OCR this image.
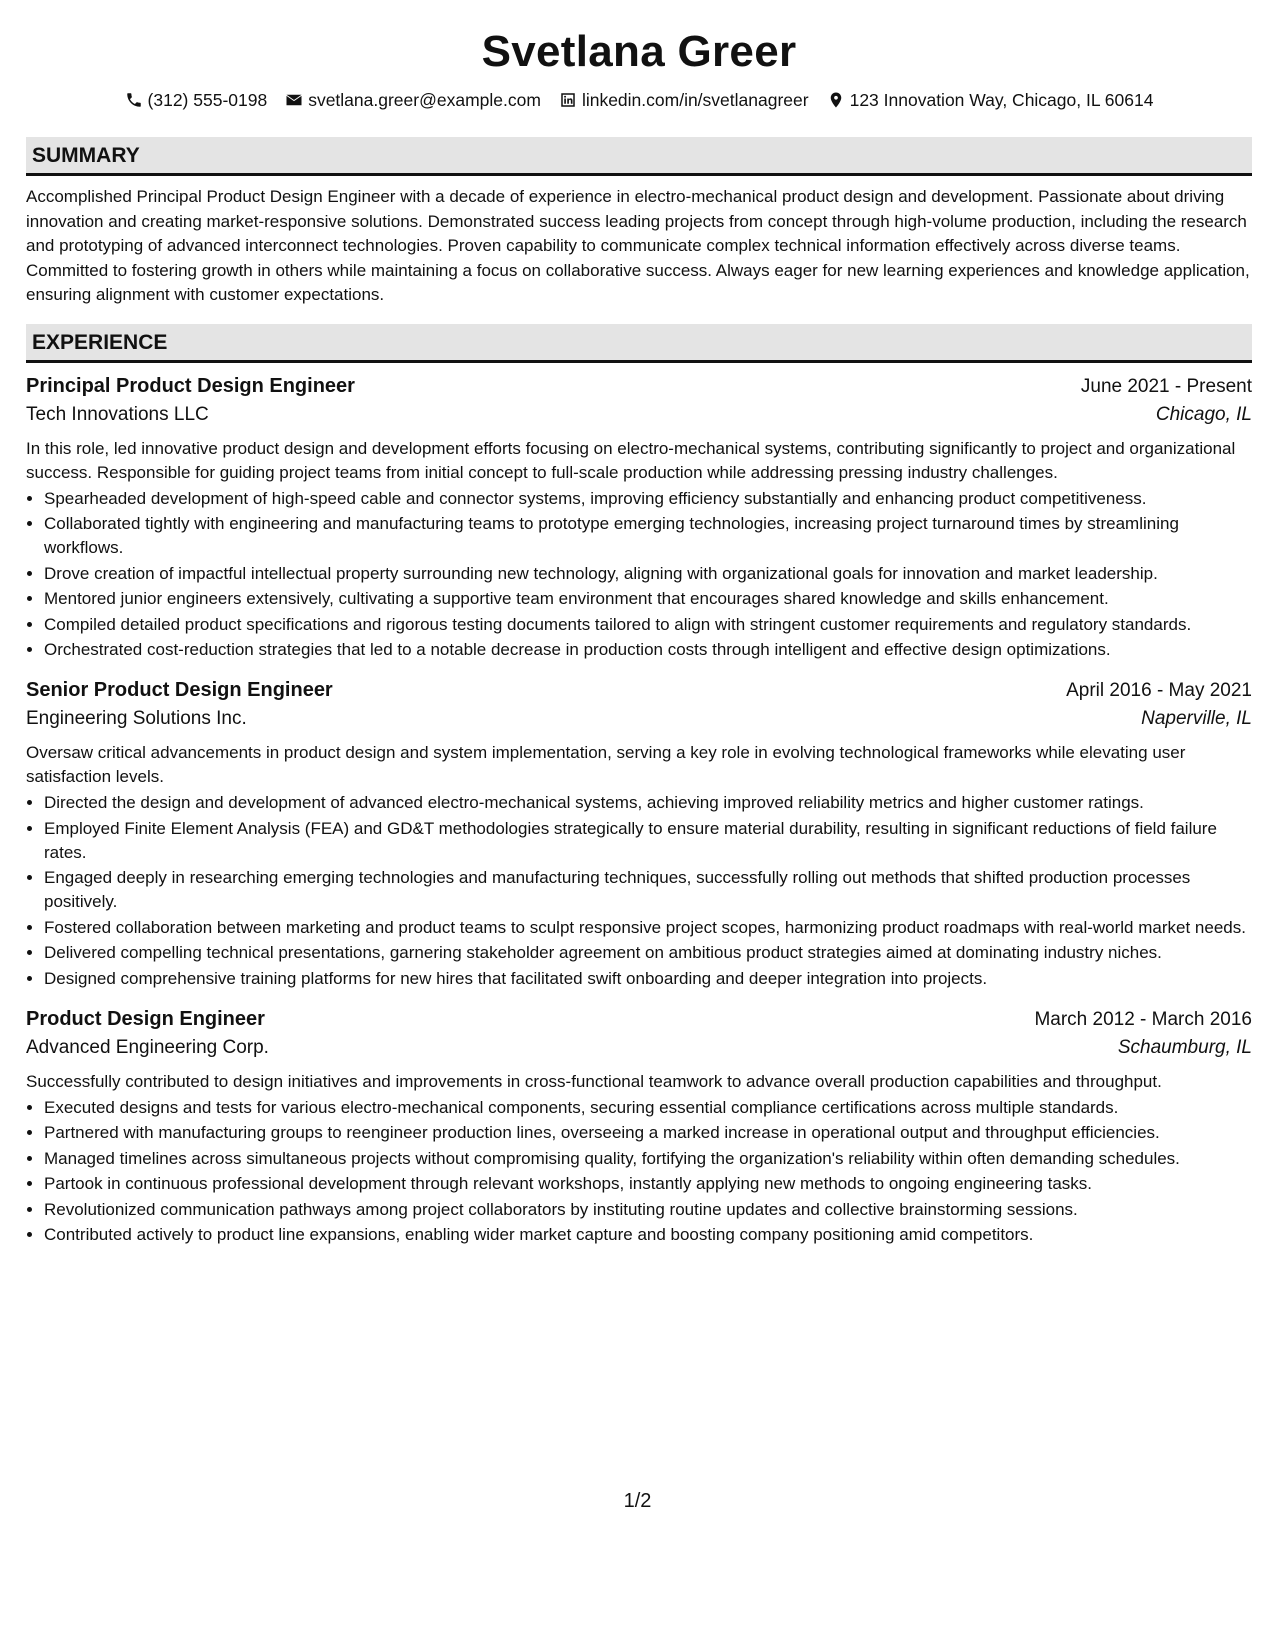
Svetlana Greer
(312) 555-0198 svetlana.greer@example.com linkedin.com/in/svetlanagreer 123 Innovation Way, Chicago, IL 60614
SUMMARY

Accomplished Principal Product Design Engineer with a decade of experience in electro-mechanical product design and development. Passionate about driving innovation and creating market-responsive solutions. Demonstrated success leading projects from concept through high-volume production, including the research and prototyping of advanced interconnect technologies. Proven capability to communicate complex technical information effectively across diverse teams. Committed to fostering growth in others while maintaining a focus on collaborative success. Always eager for new learning experiences and knowledge application, ensuring alignment with customer expectations.

EXPERIENCE
Principal Product Design Engineer	June 2021 - Present
Tech Innovations LLC	Chicago, IL
In this role, led innovative product design and development efforts focusing on electro-mechanical systems, contributing significantly to project and organizational success. Responsible for guiding project teams from initial concept to full-scale production while addressing pressing industry challenges.
• Spearheaded development of high-speed cable and connector systems, improving efficiency substantially and enhancing product competitiveness.
• Collaborated tightly with engineering and manufacturing teams to prototype emerging technologies, increasing project turnaround times by streamlining workflows.
• Drove creation of impactful intellectual property surrounding new technology, aligning with organizational goals for innovation and market leadership.
• Mentored junior engineers extensively, cultivating a supportive team environment that encourages shared knowledge and skills enhancement.
• Compiled detailed product specifications and rigorous testing documents tailored to align with stringent customer requirements and regulatory standards.
• Orchestrated cost-reduction strategies that led to a notable decrease in production costs through intelligent and effective design optimizations.
Senior Product Design Engineer	April 2016 - May 2021
Engineering Solutions Inc.	Naperville, IL
Oversaw critical advancements in product design and system implementation, serving a key role in evolving technological frameworks while elevating user satisfaction levels.
• Directed the design and development of advanced electro-mechanical systems, achieving improved reliability metrics and higher customer ratings.
• Employed Finite Element Analysis (FEA) and GD&T methodologies strategically to ensure material durability, resulting in significant reductions of field failure rates.
• Engaged deeply in researching emerging technologies and manufacturing techniques, successfully rolling out methods that shifted production processes positively.
• Fostered collaboration between marketing and product teams to sculpt responsive project scopes, harmonizing product roadmaps with real-world market needs.
• Delivered compelling technical presentations, garnering stakeholder agreement on ambitious product strategies aimed at dominating industry niches.
• Designed comprehensive training platforms for new hires that facilitated swift onboarding and deeper integration into projects.
Product Design Engineer	March 2012 - March 2016
Advanced Engineering Corp.	Schaumburg, IL
Successfully contributed to design initiatives and improvements in cross-functional teamwork to advance overall production capabilities and throughput.
• Executed designs and tests for various electro-mechanical components, securing essential compliance certifications across multiple standards.
• Partnered with manufacturing groups to reengineer production lines, overseeing a marked increase in operational output and throughput efficiencies.
• Managed timelines across simultaneous projects without compromising quality, fortifying the organization's reliability within often demanding schedules.
• Partook in continuous professional development through relevant workshops, instantly applying new methods to ongoing engineering tasks.
• Revolutionized communication pathways among project collaborators by instituting routine updates and collective brainstorming sessions.
• Contributed actively to product line expansions, enabling wider market capture and boosting company positioning amid competitors.
1/2
